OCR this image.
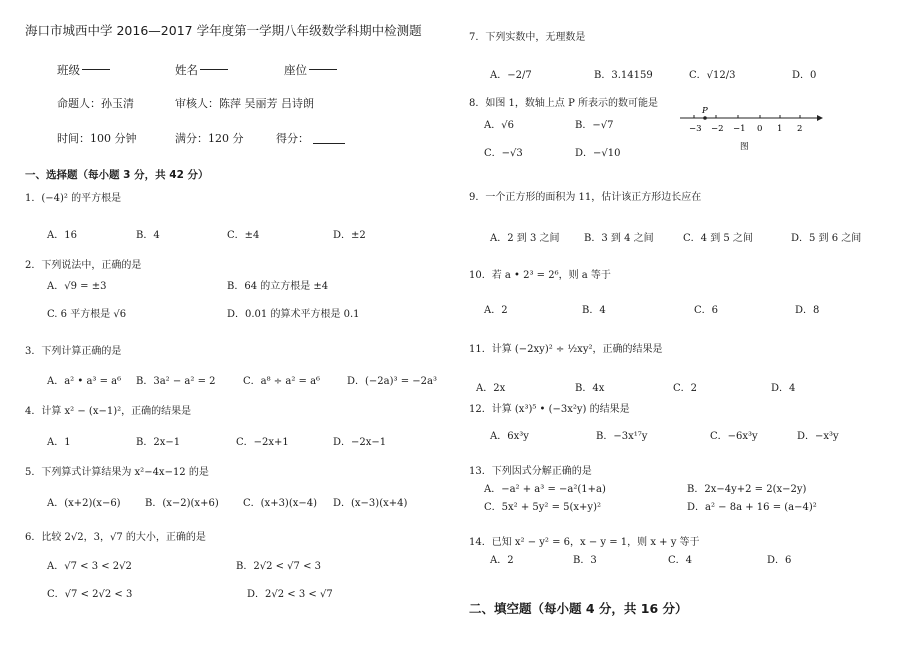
海口市城西中学 2016—2017 学年度第一学期八年级数学科期中检测题
班级	姓名	座位
命题人：孙玉清	审核人：陈萍 吴丽芳 吕诗朗
时间：100 分钟	满分：120 分	得分：
一、选择题（每小题 3 分，共 42 分）
1．(−4)² 的平方根是
A．16	B．4	C．±4	D．±2
2．下列说法中，正确的是
A．√9 = ±3	B．64 的立方根是 ±4
C. 6 平方根是 √6	D．0.01 的算术平方根是 0.1
3．下列计算正确的是
A．a² • a³ = a⁶ B．3a² − a² = 2	C．a⁸ ÷ a² = a⁶	D．(−2a)³ = −2a³
4．计算 x² − (x−1)²，正确的结果是
A．1	B．2x−1	C．−2x+1	D．−2x−1
5．下列算式计算结果为 x²−4x−12 的是
A．(x+2)(x−6) B．(x−2)(x+6) C．(x+3)(x−4) D．(x−3)(x+4)
6．比较 2√2，3，√7 的大小，正确的是
A．√7 < 3 < 2√2	B．2√2 < √7 < 3
C．√7 < 2√2 < 3	D．2√2 < 3 < √7
7．下列实数中，无理数是
A．−2/7	B．3.14159	C．√12/3	D．0
8．如图 1，数轴上点 P 所表示的数可能是
A．√6	B．−√7
C．−√3	D．−√10
P
−3 −2 −1 0 1 2
图
9．一个正方形的面积为 11，估计该正方形边长应在
A．2 到 3 之间 B．3 到 4 之间	C．4 到 5 之间	D．5 到 6 之间
10．若 a • 2³ = 2⁶，则 a 等于
A．2	B．4	C．6	D．8
11．计算 (−2xy)² ÷ ½xy²，正确的结果是
A．2x	B．4x	C．2	D．4
12．计算 (x³)⁵ • (−3x²y) 的结果是
A．6x³y	B．−3x¹⁷y	C．−6x³y	D．−x³y
13．下列因式分解正确的是
A．−a² + a³ = −a²(1+a)	B．2x−4y+2 = 2(x−2y)
C．5x² + 5y² = 5(x+y)²	D．a² − 8a + 16 = (a−4)²
14．已知 x² − y² = 6，x − y = 1，则 x + y 等于
A．2	B．3	C．4	D．6
二、填空题（每小题 4 分，共 16 分）
